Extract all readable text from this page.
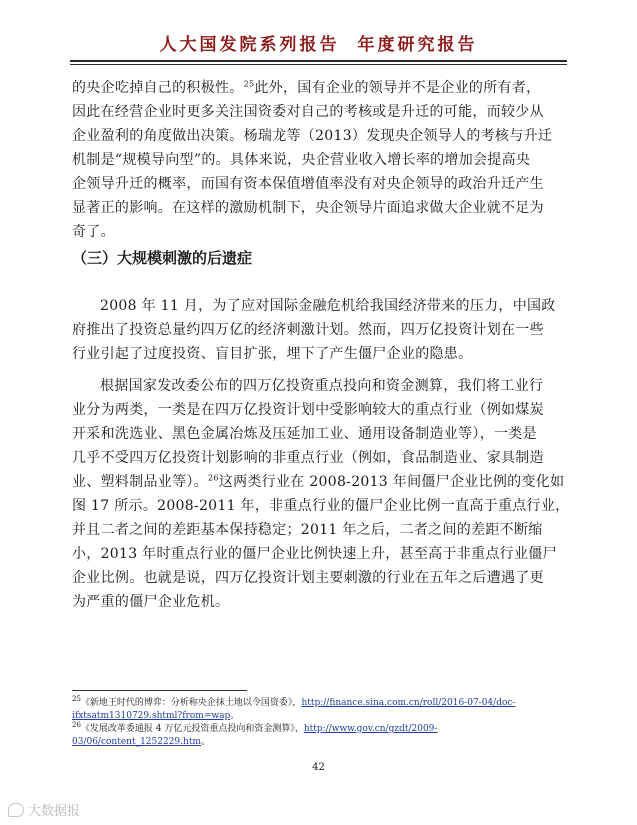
人大国发院系列报告 年度研究报告
的央企吃掉自己的积极性。$^{25}$此外，国有企业的领导并不是企业的所有者，
因此在经营企业时更多关注国资委对自己的考核或是升迁的可能，而较少从
企业盈利的角度做出决策。杨瑞龙等（2013）发现央企领导人的考核与升迁
机制是“规模导向型”的。具体来说，央企营业收入增长率的增加会提高央
企领导升迁的概率，而国有资本保值增值率没有对央企领导的政治升迁产生
显著正的影响。在这样的激励机制下，央企领导片面追求做大企业就不足为
奇了。
（三）大规模刺激的后遗症
2008 年 11 月，为了应对国际金融危机给我国经济带来的压力，中国政
府推出了投资总量约四万亿的经济刺激计划。然而，四万亿投资计划在一些
行业引起了过度投资、盲目扩张，埋下了产生僵尸企业的隐患。
根据国家发改委公布的四万亿投资重点投向和资金测算，我们将工业行
业分为两类，一类是在四万亿投资计划中受影响较大的重点行业（例如煤炭
开采和洗选业、黑色金属冶炼及压延加工业、通用设备制造业等），一类是
几乎不受四万亿投资计划影响的非重点行业（例如，食品制造业、家具制造
业、塑料制品业等）。$^{26}$这两类行业在 2008-2013 年间僵尸企业比例的变化如
图 17 所示。2008-2011 年，非重点行业的僵尸企业比例一直高于重点行业，
并且二者之间的差距基本保持稳定；2011 年之后，二者之间的差距不断缩
小，2013 年时重点行业的僵尸企业比例快速上升，甚至高于非重点行业僵尸
企业比例。也就是说，四万亿投资计划主要刺激的行业在五年之后遭遇了更
为严重的僵尸企业危机。
$^{25}$《新地王时代的博弈：分析称央企抹土地以令国资委》，http://finance.sina.com.cn/roll/2016-07-04/doc-
ifxtsatm1310729.shtml?from=wap。
$^{26}$《发展改革委通报 4 万亿元投资重点投向和资金测算》，http://www.gov.cn/gzdt/2009-
03/06/content_1252229.htm。
42
大数据报
